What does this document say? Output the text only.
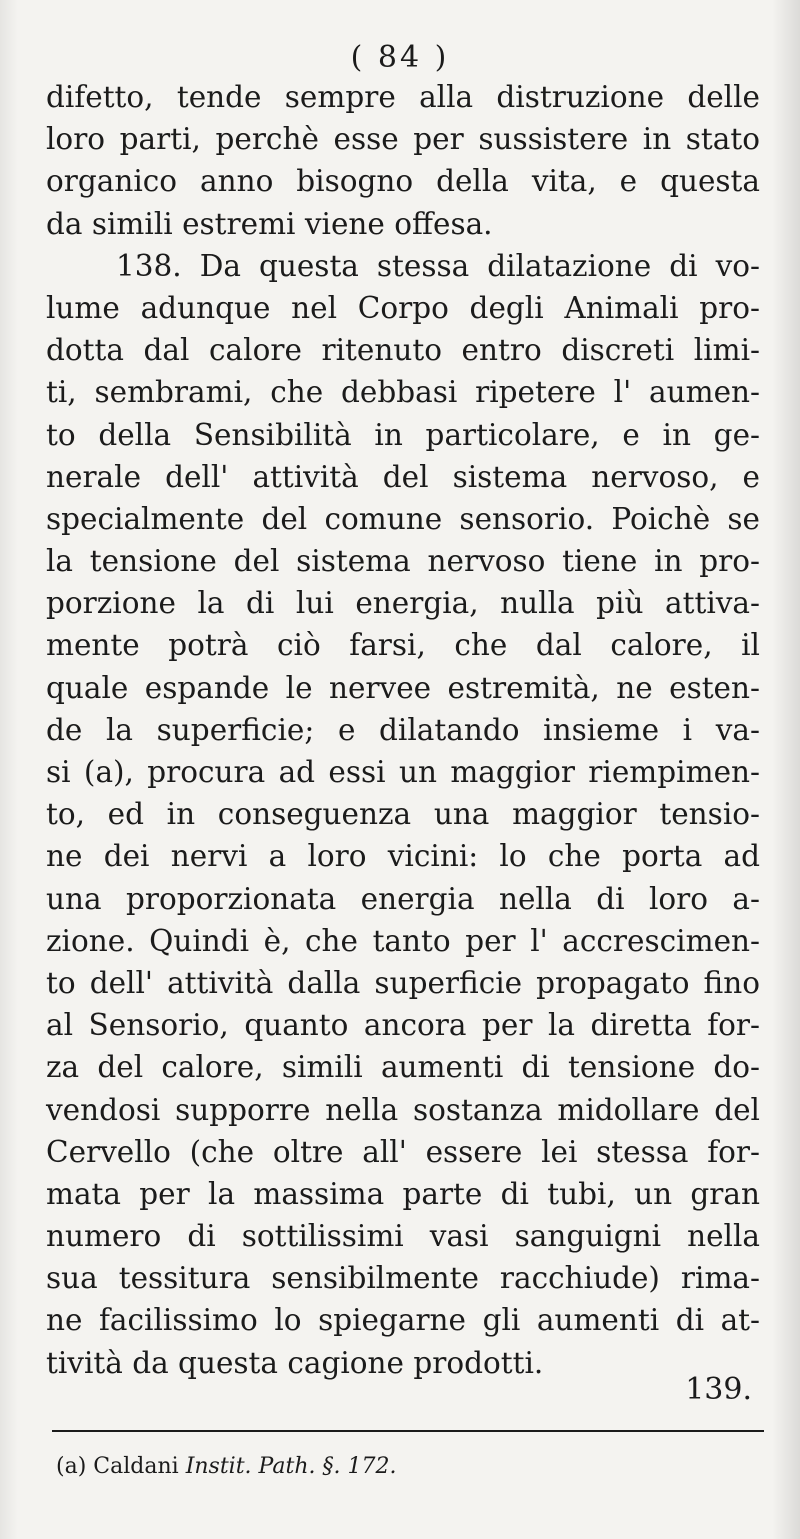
( 84 )
difetto, tende sempre alla distruzione delle
loro parti, perchè esse per sussistere in stato
organico anno bisogno della vita, e questa
da simili estremi viene offesa.
138. Da questa stessa dilatazione di vo-
lume adunque nel Corpo degli Animali pro-
dotta dal calore ritenuto entro discreti limi-
ti, sembrami, che debbasi ripetere l' aumen-
to della Sensibilità in particolare, e in ge-
nerale dell' attività del sistema nervoso, e
specialmente del comune sensorio. Poichè se
la tensione del sistema nervoso tiene in pro-
porzione la di lui energia, nulla più attiva-
mente potrà ciò farsi, che dal calore, il
quale espande le nervee estremità, ne esten-
de la superficie; e dilatando insieme i va-
si (a), procura ad essi un maggior riempimen-
to, ed in conseguenza una maggior tensio-
ne dei nervi a loro vicini: lo che porta ad
una proporzionata energia nella di loro a-
zione. Quindi è, che tanto per l' accrescimen-
to dell' attività dalla superficie propagato fino
al Sensorio, quanto ancora per la diretta for-
za del calore, simili aumenti di tensione do-
vendosi supporre nella sostanza midollare del
Cervello (che oltre all' essere lei stessa for-
mata per la massima parte di tubi, un gran
numero di sottilissimi vasi sanguigni nella
sua tessitura sensibilmente racchiude) rima-
ne facilissimo lo spiegarne gli aumenti di at-
tività da questa cagione prodotti.
139.
(a) Caldani Instit. Path. §. 172.
